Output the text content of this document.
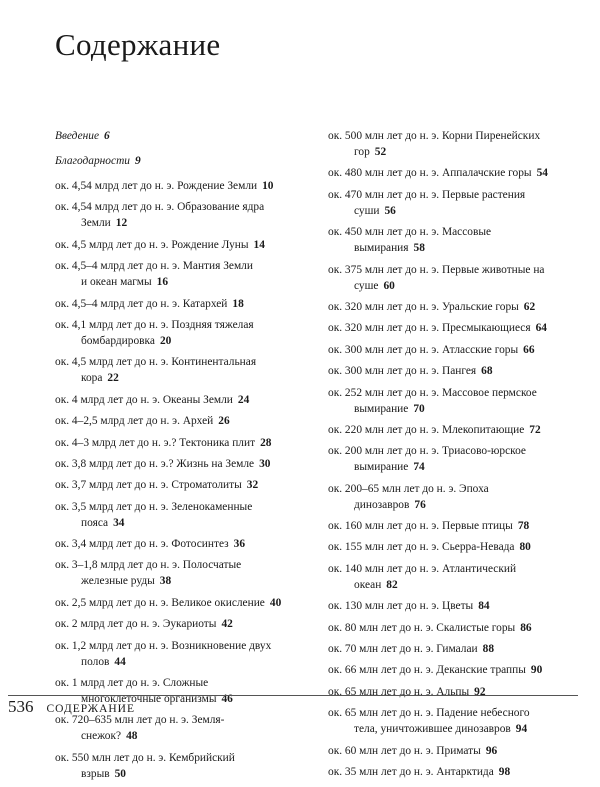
Содержание
Введение 6
Благодарности 9
ок. 4,54 млрд лет до н. э. Рождение Земли 10
ок. 4,54 млрд лет до н. э. Образование ядра
Земли 12
ок. 4,5 млрд лет до н. э. Рождение Луны 14
ок. 4,5–4 млрд лет до н. э. Мантия Земли
и океан магмы 16
ок. 4,5–4 млрд лет до н. э. Катархей 18
ок. 4,1 млрд лет до н. э. Поздняя тяжелая
бомбардировка 20
ок. 4,5 млрд лет до н. э. Континентальная
кора 22
ок. 4 млрд лет до н. э. Океаны Земли 24
ок. 4–2,5 млрд лет до н. э. Архей 26
ок. 4–3 млрд лет до н. э.? Тектоника плит 28
ок. 3,8 млрд лет до н. э.? Жизнь на Земле 30
ок. 3,7 млрд лет до н. э. Строматолиты 32
ок. 3,5 млрд лет до н. э. Зеленокаменные
пояса 34
ок. 3,4 млрд лет до н. э. Фотосинтез 36
ок. 3–1,8 млрд лет до н. э. Полосчатые
железные руды 38
ок. 2,5 млрд лет до н. э. Великое окисление 40
ок. 2 млрд лет до н. э. Эукариоты 42
ок. 1,2 млрд лет до н. э. Возникновение двух
полов 44
ок. 1 млрд лет до н. э. Сложные
многоклеточные организмы 46
ок. 720–635 млн лет до н. э. Земля-
снежок? 48
ок. 550 млн лет до н. э. Кембрийский
взрыв 50
ок. 500 млн лет до н. э. Корни Пиренейских
гор 52
ок. 480 млн лет до н. э. Аппалачские горы 54
ок. 470 млн лет до н. э. Первые растения
суши 56
ок. 450 млн лет до н. э. Массовые
вымирания 58
ок. 375 млн лет до н. э. Первые животные на
суше 60
ок. 320 млн лет до н. э. Уральские горы 62
ок. 320 млн лет до н. э. Пресмыкающиеся 64
ок. 300 млн лет до н. э. Атласские горы 66
ок. 300 млн лет до н. э. Пангея 68
ок. 252 млн лет до н. э. Массовое пермское
вымирание 70
ок. 220 млн лет до н. э. Млекопитающие 72
ок. 200 млн лет до н. э. Триасово-юрское
вымирание 74
ок. 200–65 млн лет до н. э. Эпоха
динозавров 76
ок. 160 млн лет до н. э. Первые птицы 78
ок. 155 млн лет до н. э. Сьерра-Невада 80
ок. 140 млн лет до н. э. Атлантический
океан 82
ок. 130 млн лет до н. э. Цветы 84
ок. 80 млн лет до н. э. Скалистые горы 86
ок. 70 млн лет до н. э. Гималаи 88
ок. 66 млн лет до н. э. Деканские траппы 90
ок. 65 млн лет до н. э. Альпы 92
ок. 65 млн лет до н. э. Падение небесного
тела, уничтожившее динозавров 94
ок. 60 млн лет до н. э. Приматы 96
ок. 35 млн лет до н. э. Антарктида 98
536 СОДЕРЖАНИЕ
